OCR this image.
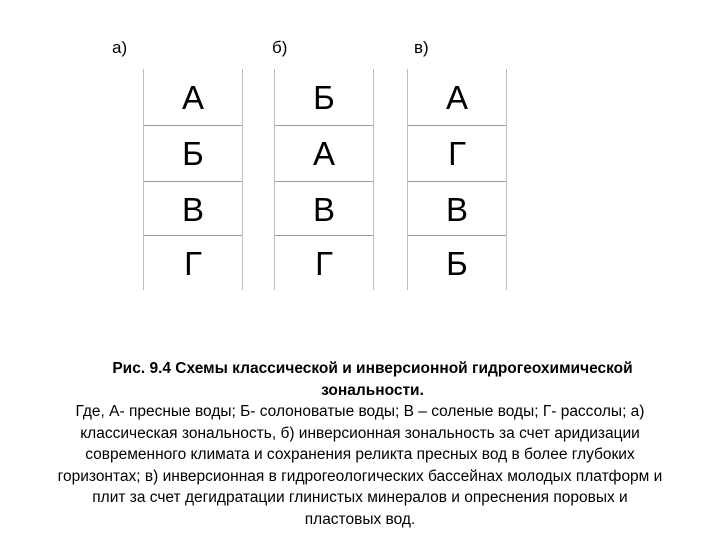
а)	б)	в)
А
Б
В
Г
Б
А
В
Г
А
Г
В
Б
Рис. 9.4 Схемы классической и инверсионной гидрогеохимической
зональности.
Где, А- пресные воды; Б- солоноватые воды; В – соленые воды; Г- рассолы; а)
классическая зональность, б) инверсионная зональность за счет аридизации
современного климата и сохранения реликта пресных вод в более глубоких
горизонтах; в) инверсионная в гидрогеологических бассейнах молодых платформ и
плит за счет дегидратации глинистых минералов и опреснения поровых и
пластовых вод.
